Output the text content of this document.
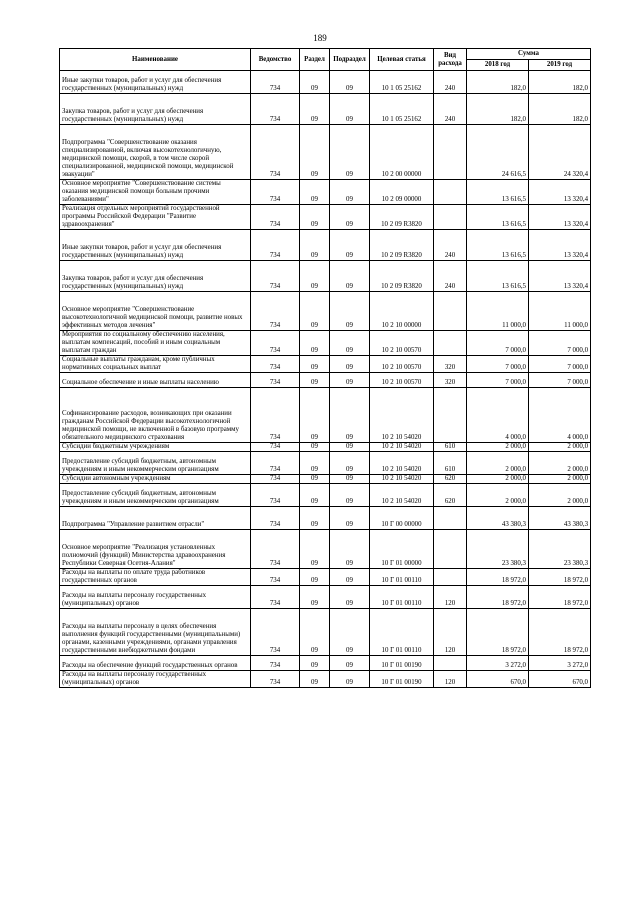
189
Наименование	Ведомство	Раздел	Подраздел	Целевая статья	Вид расхода	Сумма	
						2018 год	2019 год
Иные закупки товаров, работ и услуг для обеспечения государственных (муниципальных) нужд	734	09	09	10 1 05 25162	240	182,0	182,0
Закупка товаров, работ и услуг для обеспечения государственных (муниципальных) нужд	734	09	09	10 1 05 25162	240	182,0	182,0
Подпрограмма "Совершенствование оказания специализированной, включая высокотехнологичную, медицинской помощи, скорой, в том числе скорой специализированной, медицинской помощи, медицинской эвакуации"	734	09	09	10 2 00 00000		24 616,5	24 320,4
Основное мероприятие "Совершенствование системы оказания медицинской помощи больным прочими заболеваниями"	734	09	09	10 2 09 00000		13 616,5	13 320,4
Реализация отдельных мероприятий государственной программы Российской Федерации "Развитие здравоохранения"	734	09	09	10 2 09 R3820		13 616,5	13 320,4
Иные закупки товаров, работ и услуг для обеспечения государственных (муниципальных) нужд	734	09	09	10 2 09 R3820	240	13 616,5	13 320,4
Закупка товаров, работ и услуг для обеспечения государственных (муниципальных) нужд	734	09	09	10 2 09 R3820	240	13 616,5	13 320,4
Основное мероприятие "Совершенствование высокотехнологичной медицинской помощи, развитие новых эффективных методов лечения"	734	09	09	10 2 10 00000		11 000,0	11 000,0
Мероприятия по социальному обеспечению населения, выплатам компенсаций, пособий и иным социальным выплатам граждан	734	09	09	10 2 10 00570		7 000,0	7 000,0
Социальные выплаты гражданам, кроме публичных нормативных социальных выплат	734	09	09	10 2 10 00570	320	7 000,0	7 000,0
Социальное обеспечение и иные выплаты населению	734	09	09	10 2 10 00570	320	7 000,0	7 000,0
Софинансирование расходов, возникающих при оказании гражданам Российской Федерации высокотехнологичной медицинской помощи, не включенной в базовую программу обязательного медицинского страхования	734	09	09	10 2 10 54020		4 000,0	4 000,0
Субсидии бюджетным учреждениям	734	09	09	10 2 10 54020	610	2 000,0	2 000,0
Предоставление субсидий бюджетным, автономным учреждениям и иным некоммерческим организациям	734	09	09	10 2 10 54020	610	2 000,0	2 000,0
Субсидии автономным учреждениям	734	09	09	10 2 10 54020	620	2 000,0	2 000,0
Предоставление субсидий бюджетным, автономным учреждениям и иным некоммерческим организациям	734	09	09	10 2 10 54020	620	2 000,0	2 000,0
Подпрограмма "Управление развитием отрасли"	734	09	09	10 Г 00 00000		43 380,3	43 380,3
Основное мероприятие "Реализация установленных полномочий (функций) Министерства здравоохранения Республики Северная Осетия-Алания"	734	09	09	10 Г 01 00000		23 380,3	23 380,3
Расходы на выплаты по оплате труда работников государственных органов	734	09	09	10 Г 01 00110		18 972,0	18 972,0
Расходы на выплаты персоналу государственных (муниципальных) органов	734	09	09	10 Г 01 00110	120	18 972,0	18 972,0
Расходы на выплаты персоналу в целях обеспечения выполнения функций государственными (муниципальными) органами, казенными учреждениями, органами управления государственными внебюджетными фондами	734	09	09	10 Г 01 00110	120	18 972,0	18 972,0
Расходы на обеспечение функций государственных органов	734	09	09	10 Г 01 00190		3 272,0	3 272,0
Расходы на выплаты персоналу государственных (муниципальных) органов	734	09	09	10 Г 01 00190	120	670,0	670,0
